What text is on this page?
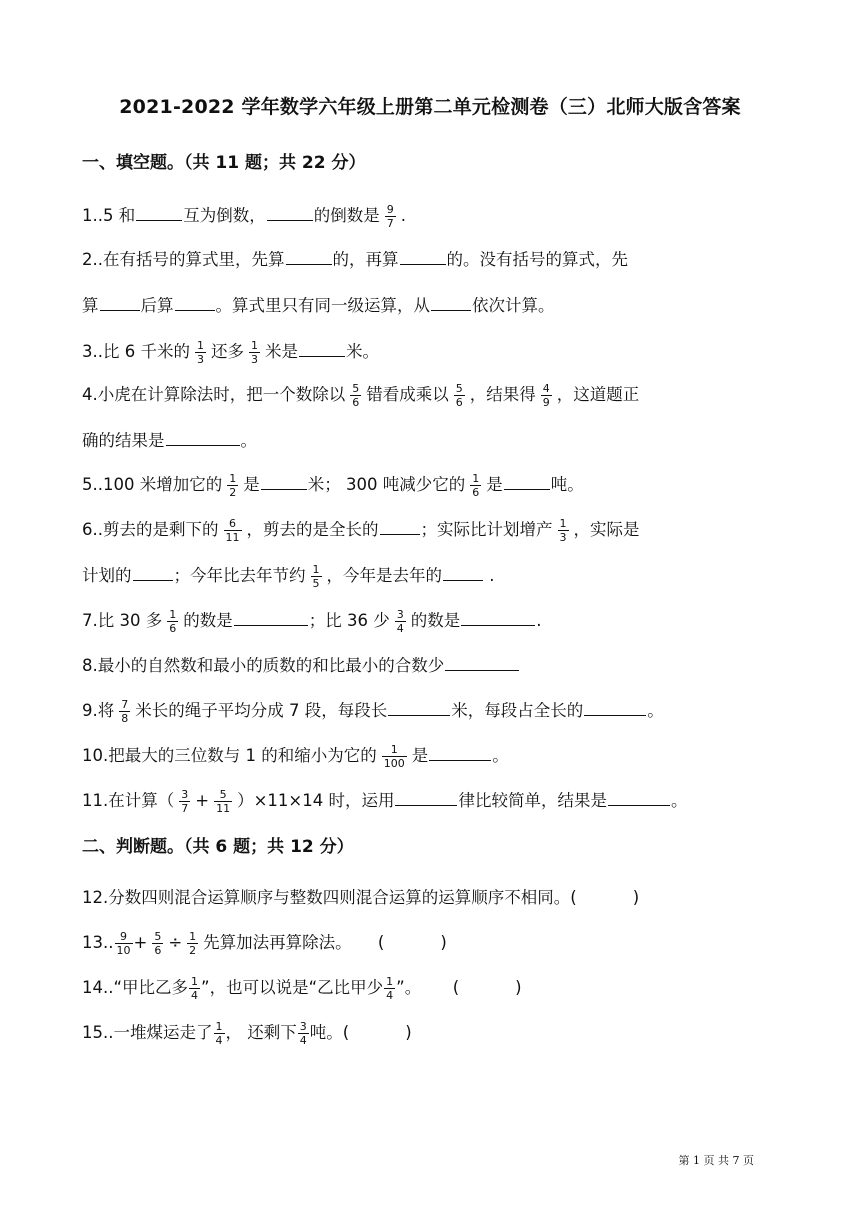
2021-2022 学年数学六年级上册第二单元检测卷（三）北师大版含答案
一、填空题。（共 11 题；共 22 分）
1..5 和	互为倒数，	的倒数是 $\frac{9}{7}$ .
2..在有括号的算式里，先算	的，再算	的。没有括号的算式，先
算	后算	。算式里只有同一级运算，从	依次计算。
3..比 6 千米的 $\frac{1}{3}$ 还多 $\frac{1}{3}$ 米是	米。
4.小虎在计算除法时，把一个数除以 $\frac{5}{6}$ 错看成乘以 $\frac{5}{6}$ ，结果得 $\frac{4}{9}$ ，这道题正
确的结果是	。
5..100 米增加它的 $\frac{1}{2}$ 是	米； 300 吨减少它的 $\frac{1}{6}$ 是	吨。
6..剪去的是剩下的 $\frac{6}{11}$ ，剪去的是全长的	；实际比计划增产 $\frac{1}{3}$ ，实际是
计划的	；今年比去年节约 $\frac{1}{5}$ ，今年是去年的	.
7.比 30 多 $\frac{1}{6}$ 的数是	；比 36 少 $\frac{3}{4}$ 的数是	.
8.最小的自然数和最小的质数的和比最小的合数少
9.将 $\frac{7}{8}$ 米长的绳子平均分成 7 段，每段长	米，每段占全长的	。
10.把最大的三位数与 1 的和缩小为它的 $\frac{1}{100}$ 是	。
11.在计算（ $\frac{3}{7} + \frac{5}{11} )\times 11\times 14$ 时，运用	律比较简单，结果是	。
二、判断题。（共 6 题；共 12 分）
12.分数四则混合运算顺序与整数四则混合运算的运算顺序不相同。(	)
13.. $\frac{9}{10} + \frac{5}{6} \div \frac{1}{2}$ 先算加法再算除法。 (	)
14..“甲比乙多 $\frac{1}{4}$ ”，也可以说是“乙比甲少 $\frac{1}{4}$ ”。 (	)
15..一堆煤运走了 $\frac{1}{4}$ ， 还剩下 $\frac{3}{4}$ 吨。(	)
第 1 页 共 7 页
